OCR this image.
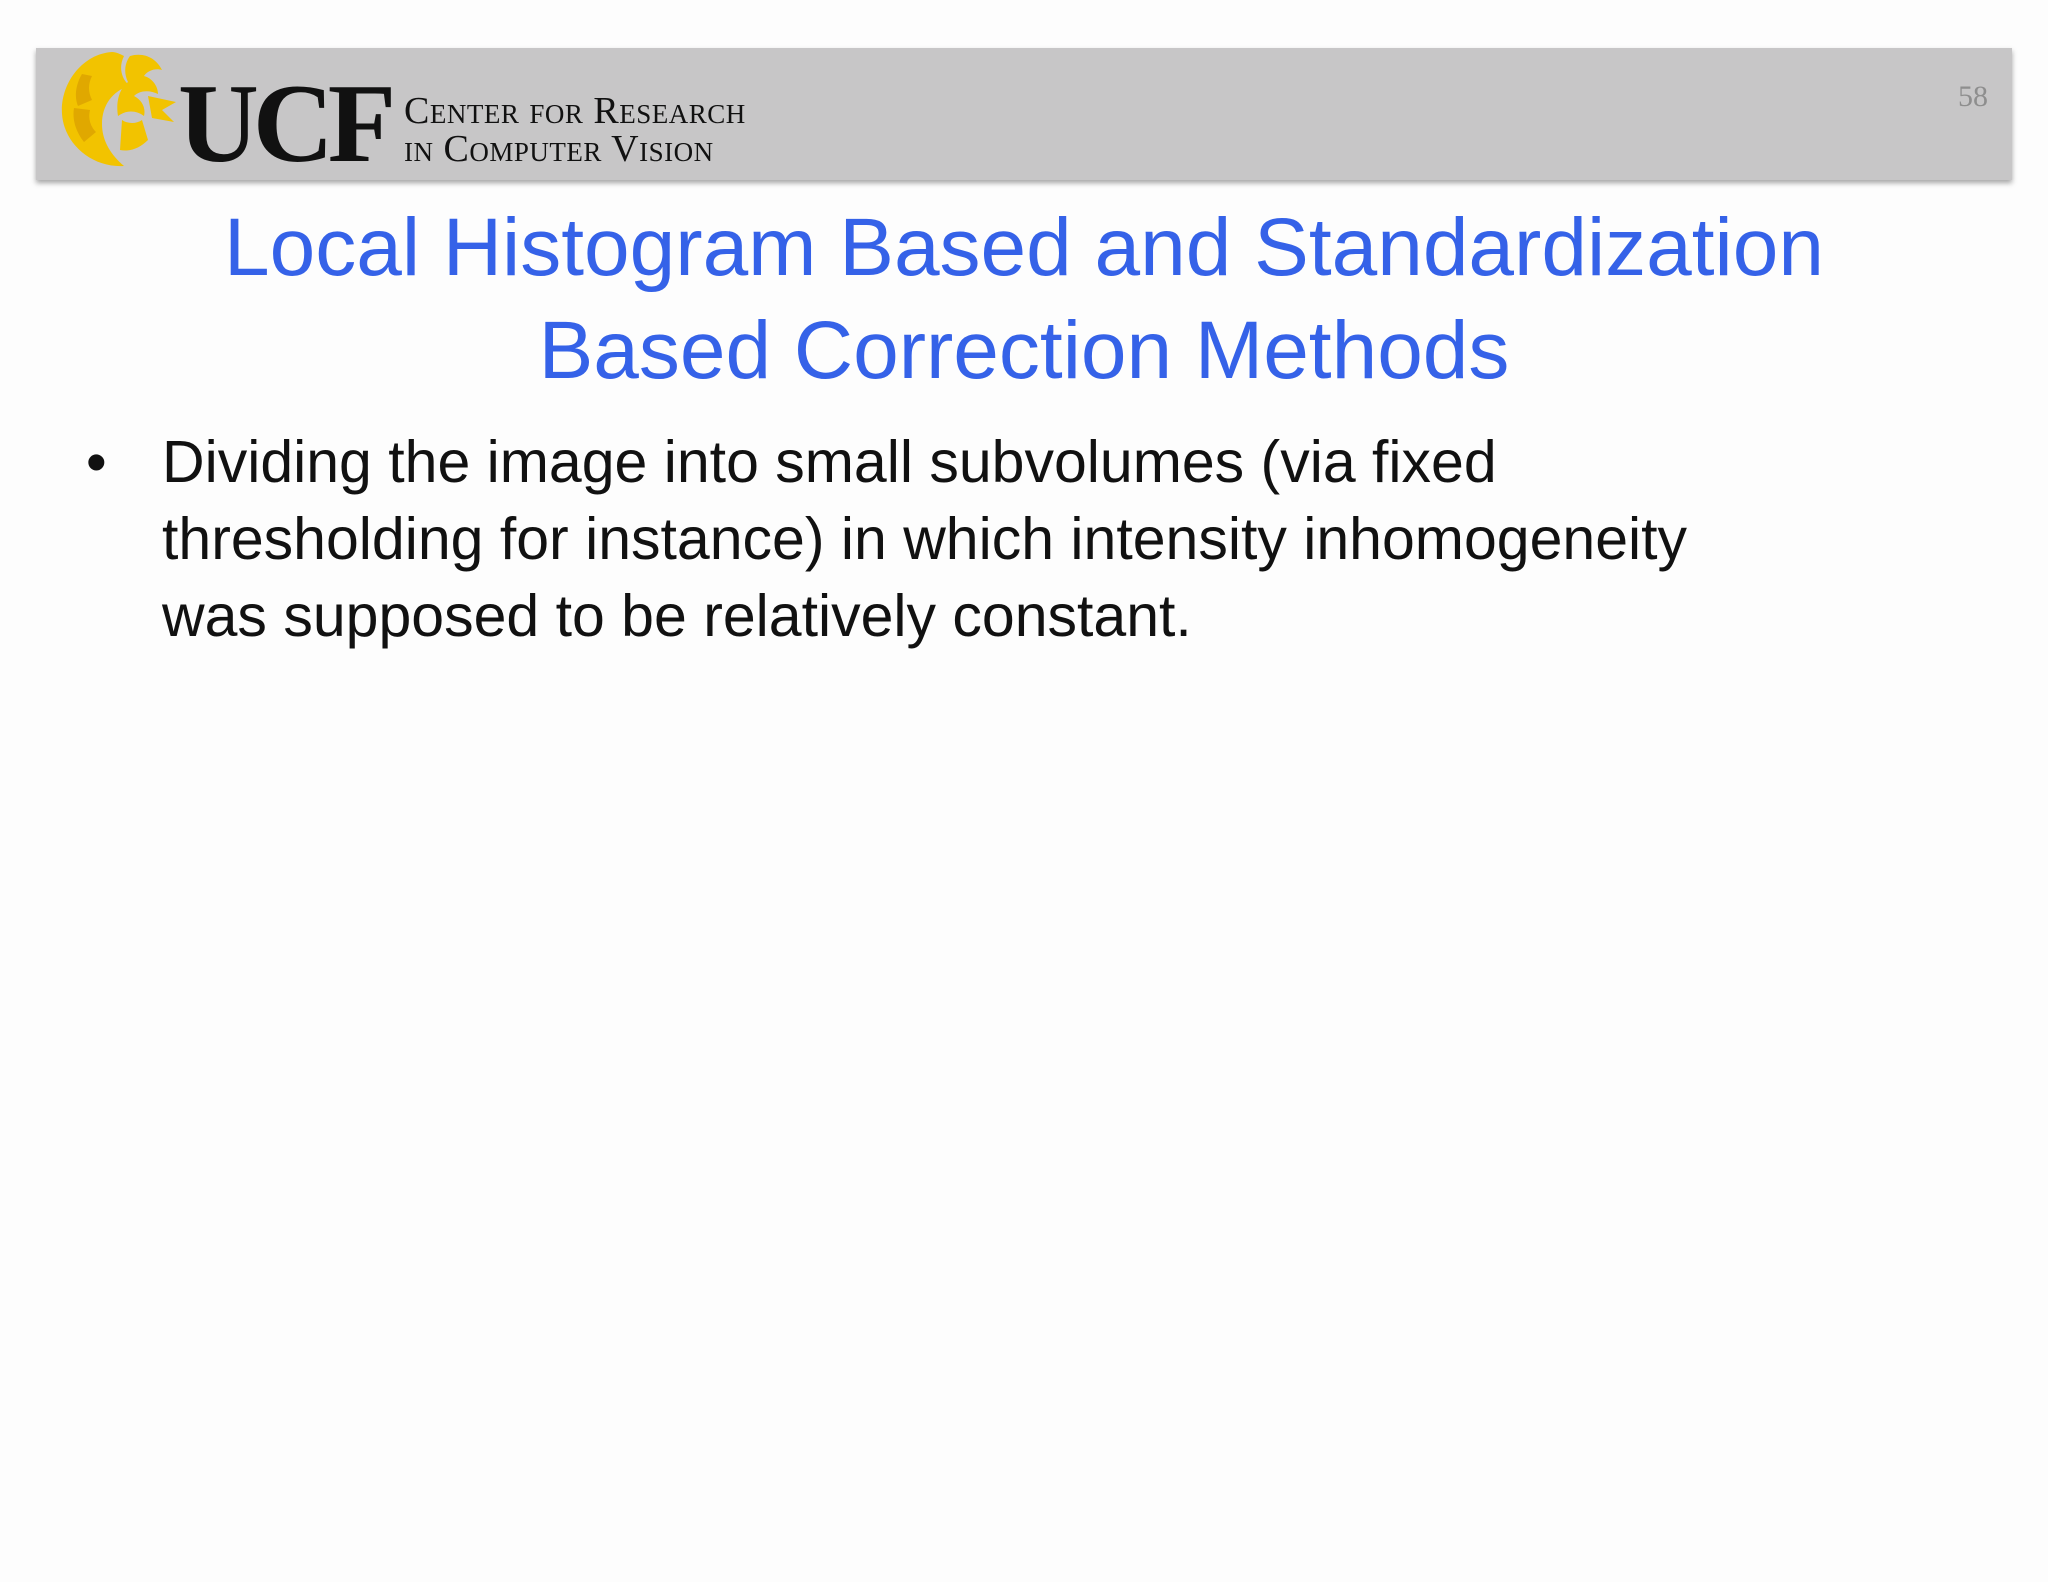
UCF Center for Research
in Computer Vision
58
Local Histogram Based and Standardization
Based Correction Methods
• Dividing the image into small subvolumes (via fixed
thresholding for instance) in which intensity inhomogeneity
was supposed to be relatively constant.
